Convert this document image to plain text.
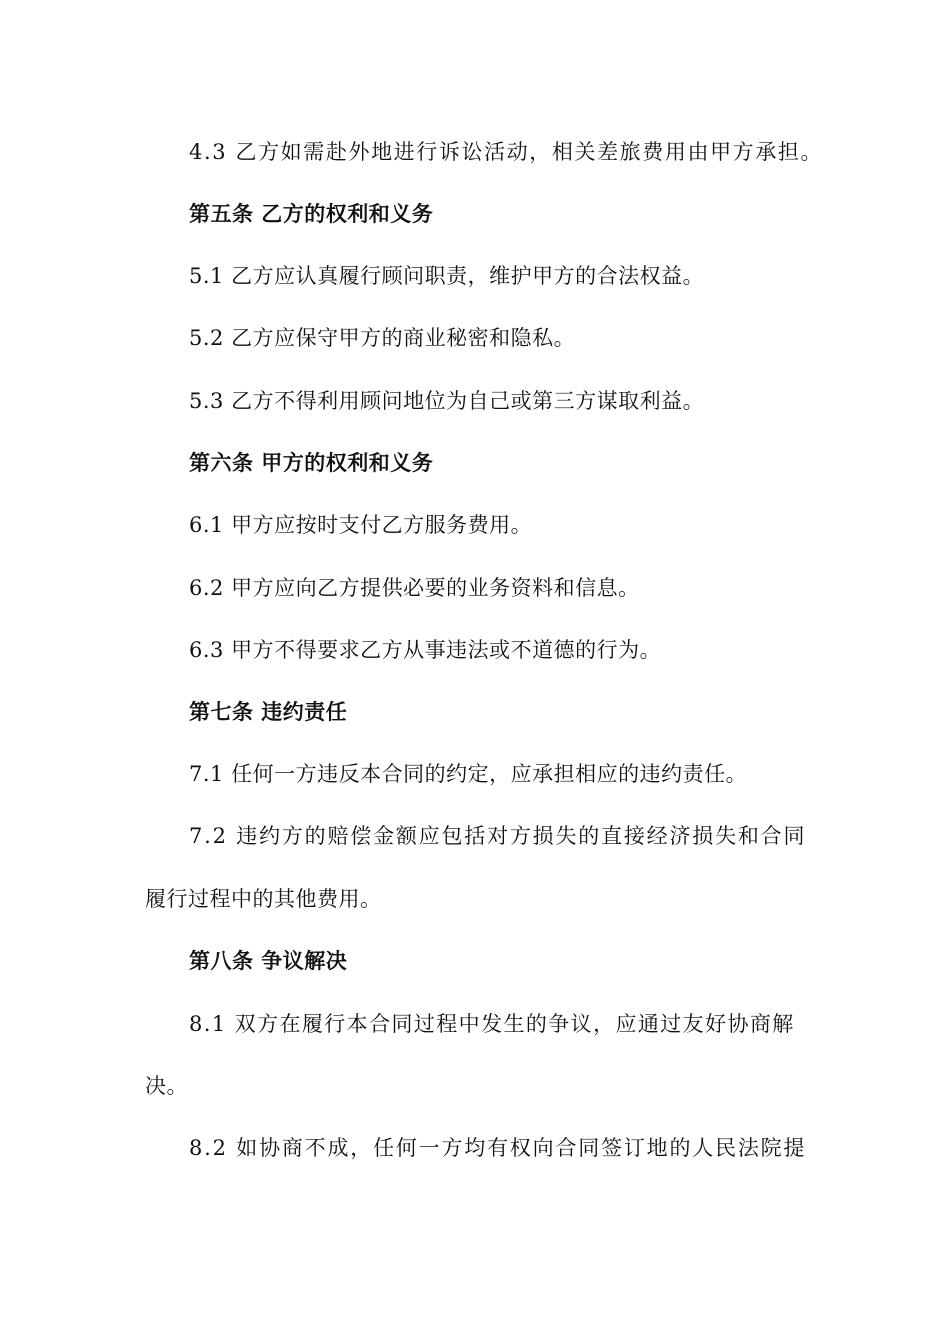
4.3 乙方如需赴外地进行诉讼活动，相关差旅费用由甲方承担。
第五条 乙方的权利和义务
5.1 乙方应认真履行顾问职责，维护甲方的合法权益。
5.2 乙方应保守甲方的商业秘密和隐私。
5.3 乙方不得利用顾问地位为自己或第三方谋取利益。
第六条 甲方的权利和义务
6.1 甲方应按时支付乙方服务费用。
6.2 甲方应向乙方提供必要的业务资料和信息。
6.3 甲方不得要求乙方从事违法或不道德的行为。
第七条 违约责任
7.1 任何一方违反本合同的约定，应承担相应的违约责任。
7.2 违约方的赔偿金额应包括对方损失的直接经济损失和合同
履行过程中的其他费用。
第八条 争议解决
8.1 双方在履行本合同过程中发生的争议，应通过友好协商解
决。
8.2 如协商不成，任何一方均有权向合同签订地的人民法院提
